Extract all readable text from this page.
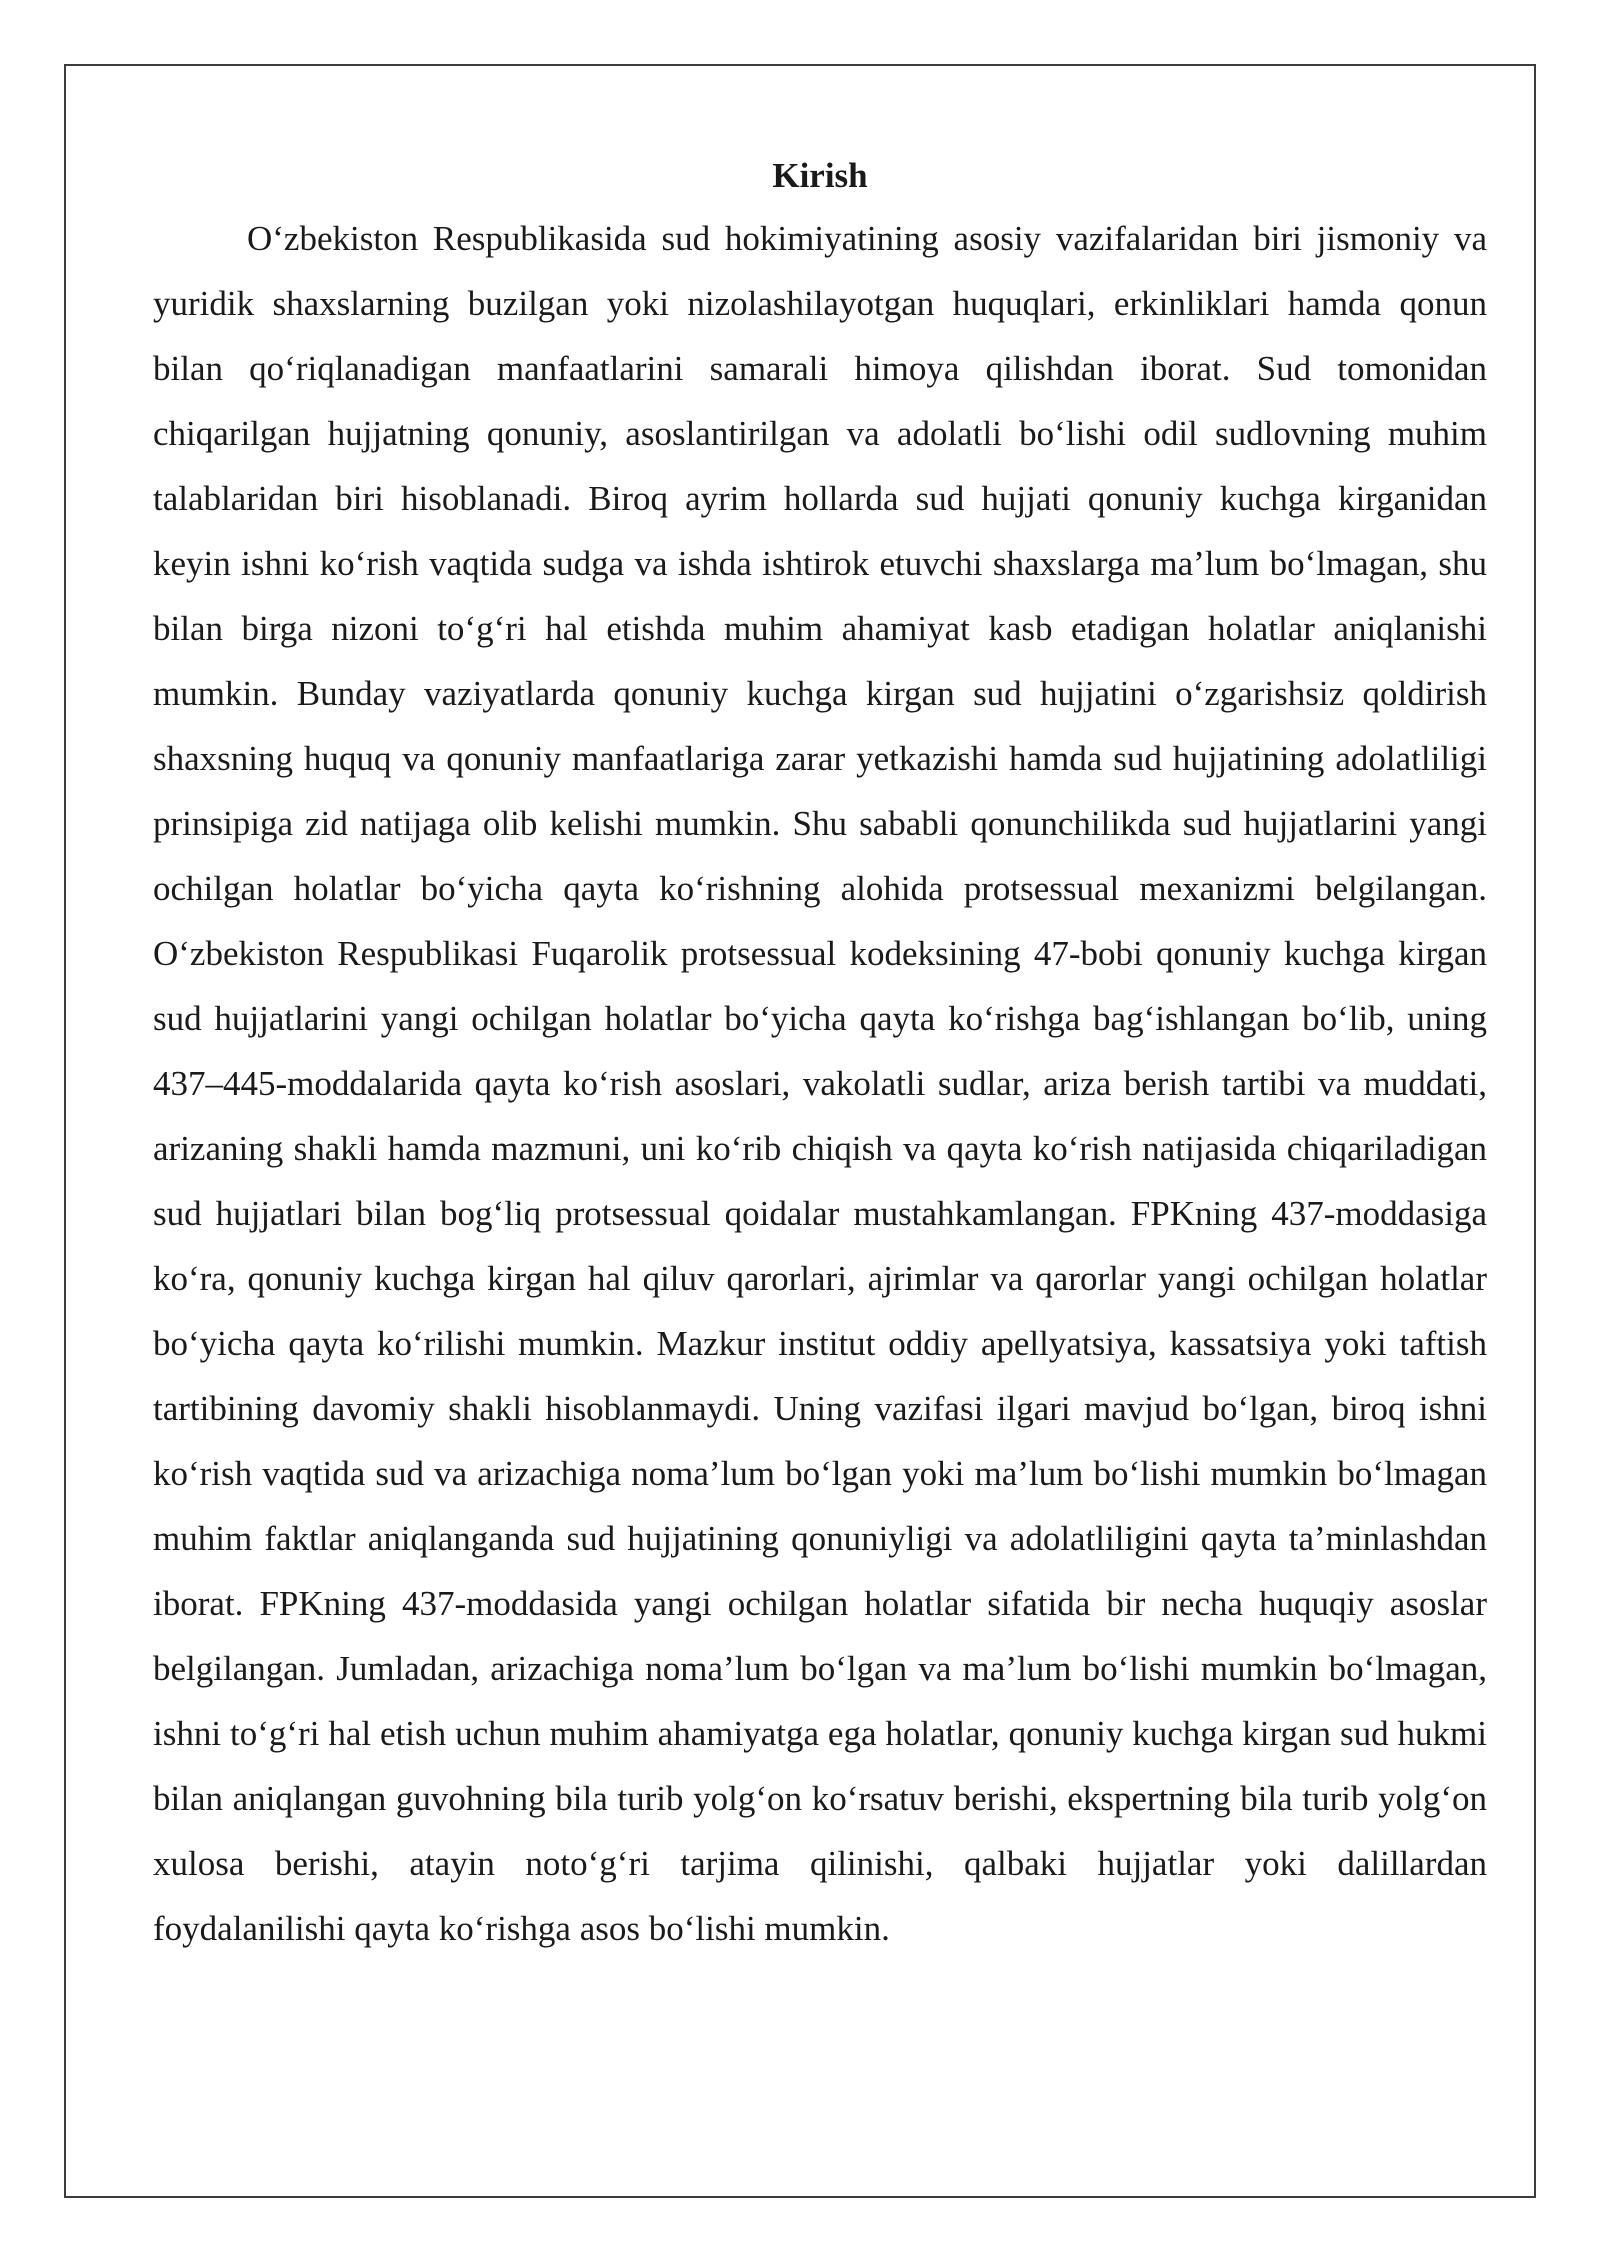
Kirish

O‘zbekiston Respublikasida sud hokimiyatining asosiy vazifalaridan biri jismoniy va yuridik shaxslarning buzilgan yoki nizolashilayotgan huquqlari, erkinliklari hamda qonun bilan qo‘riqlanadigan manfaatlarini samarali himoya qilishdan iborat. Sud tomonidan chiqarilgan hujjatning qonuniy, asoslantirilgan va adolatli bo‘lishi odil sudlovning muhim talablaridan biri hisoblanadi. Biroq ayrim hollarda sud hujjati qonuniy kuchga kirganidan keyin ishni ko‘rish vaqtida sudga va ishda ishtirok etuvchi shaxslarga ma’lum bo‘lmagan, shu bilan birga nizoni to‘g‘ri hal etishda muhim ahamiyat kasb etadigan holatlar aniqlanishi mumkin. Bunday vaziyatlarda qonuniy kuchga kirgan sud hujjatini o‘zgarishsiz qoldirish shaxsning huquq va qonuniy manfaatlariga zarar yetkazishi hamda sud hujjatining adolatliligi prinsipiga zid natijaga olib kelishi mumkin. Shu sababli qonunchilikda sud hujjatlarini yangi ochilgan holatlar bo‘yicha qayta ko‘rishning alohida protsessual mexanizmi belgilangan. O‘zbekiston Respublikasi Fuqarolik protsessual kodeksining 47-bobi qonuniy kuchga kirgan sud hujjatlarini yangi ochilgan holatlar bo‘yicha qayta ko‘rishga bag‘ishlangan bo‘lib, uning 437–445-moddalarida qayta ko‘rish asoslari, vakolatli sudlar, ariza berish tartibi va muddati, arizaning shakli hamda mazmuni, uni ko‘rib chiqish va qayta ko‘rish natijasida chiqariladigan sud hujjatlari bilan bog‘liq protsessual qoidalar mustahkamlangan. FPKning 437-moddasiga ko‘ra, qonuniy kuchga kirgan hal qiluv qarorlari, ajrimlar va qarorlar yangi ochilgan holatlar bo‘yicha qayta ko‘rilishi mumkin. Mazkur institut oddiy apellyatsiya, kassatsiya yoki taftish tartibining davomiy shakli hisoblanmaydi. Uning vazifasi ilgari mavjud bo‘lgan, biroq ishni ko‘rish vaqtida sud va arizachiga noma’lum bo‘lgan yoki ma’lum bo‘lishi mumkin bo‘lmagan muhim faktlar aniqlanganda sud hujjatining qonuniyligi va adolatliligini qayta ta’minlashdan iborat. FPKning 437-moddasida yangi ochilgan holatlar sifatida bir necha huquqiy asoslar belgilangan. Jumladan, arizachiga noma’lum bo‘lgan va ma’lum bo‘lishi mumkin bo‘lmagan, ishni to‘g‘ri hal etish uchun muhim ahamiyatga ega holatlar, qonuniy kuchga kirgan sud hukmi bilan aniqlangan guvohning bila turib yolg‘on ko‘rsatuv berishi, ekspertning bila turib yolg‘on xulosa berishi, atayin noto‘g‘ri tarjima qilinishi, qalbaki hujjatlar yoki dalillardan foydalanilishi qayta ko‘rishga asos bo‘lishi mumkin.
